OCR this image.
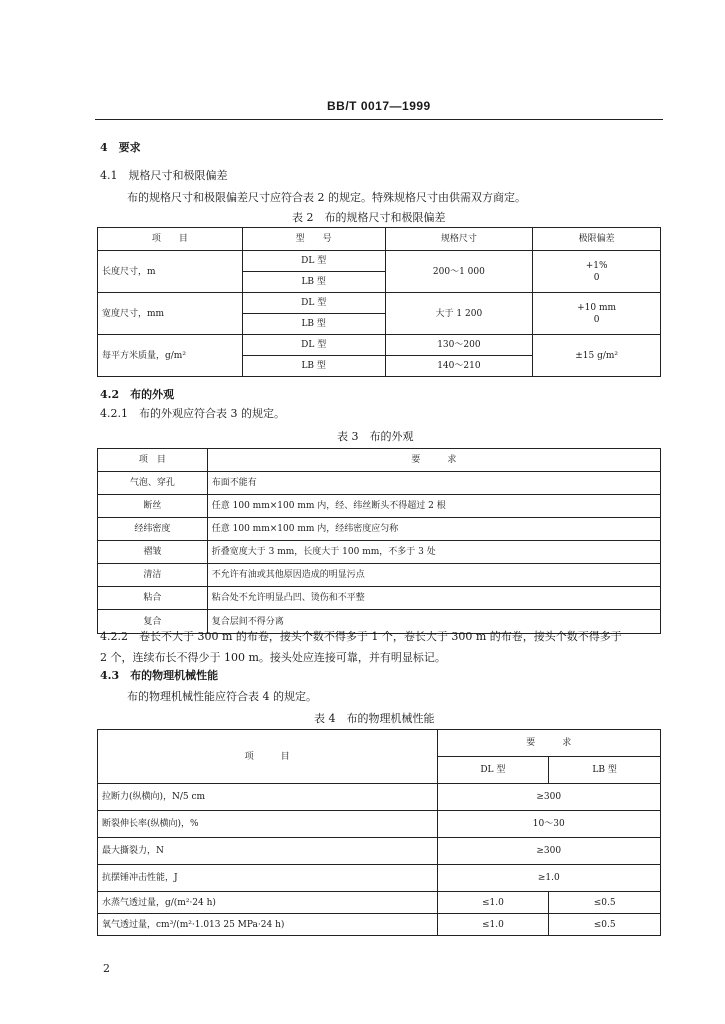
BB/T 0017—1999
4　要求
4.1　规格尺寸和极限偏差
布的规格尺寸和极限偏差尺寸应符合表 2 的规定。特殊规格尺寸由供需双方商定。
表 2　布的规格尺寸和极限偏差
项　　目	型　　号	规格尺寸	极限偏差
长度尺寸，m	DL 型	200～1 000	+1%
0

	LB 型		
宽度尺寸，mm	DL 型	大于 1 200	+10 mm
0

	LB 型		
每平方米质量，g/m²	DL 型	130～200	±15 g/m²
	LB 型	140～210	
4.2　布的外观
4.2.1　布的外观应符合表 3 的规定。
表 3　布的外观
项　目	要　　　求
气泡、穿孔	布面不能有
断丝	任意 100 mm×100 mm 内，经、纬丝断头不得超过 2 根
经纬密度	任意 100 mm×100 mm 内，经纬密度应匀称
褶皱	折叠宽度大于 3 mm，长度大于 100 mm，不多于 3 处
清洁	不允许有油或其他原因造成的明显污点
粘合	粘合处不允许明显凸凹、烫伤和不平整
复合	复合层间不得分离
4.2.2　卷长不大于 300 m 的布卷，接头个数不得多于 1 个，卷长大于 300 m 的布卷，接头个数不得多于
2 个，连续布长不得少于 100 m。接头处应连接可靠，并有明显标记。
4.3　布的物理机械性能
布的物理机械性能应符合表 4 的规定。
表 4　布的物理机械性能
项　　　目	要　　　求	
	DL 型	LB 型
拉断力(纵横向)，N/5 cm	≥300	
断裂伸长率(纵横向)，%	10～30	
最大撕裂力，N	≥300	
抗摆锤冲击性能，J	≥1.0	
水蒸气透过量，g/(m²·24 h)	≤1.0	≤0.5
氧气透过量，cm³/(m²·1.013 25 MPa·24 h)	≤1.0	≤0.5
2
